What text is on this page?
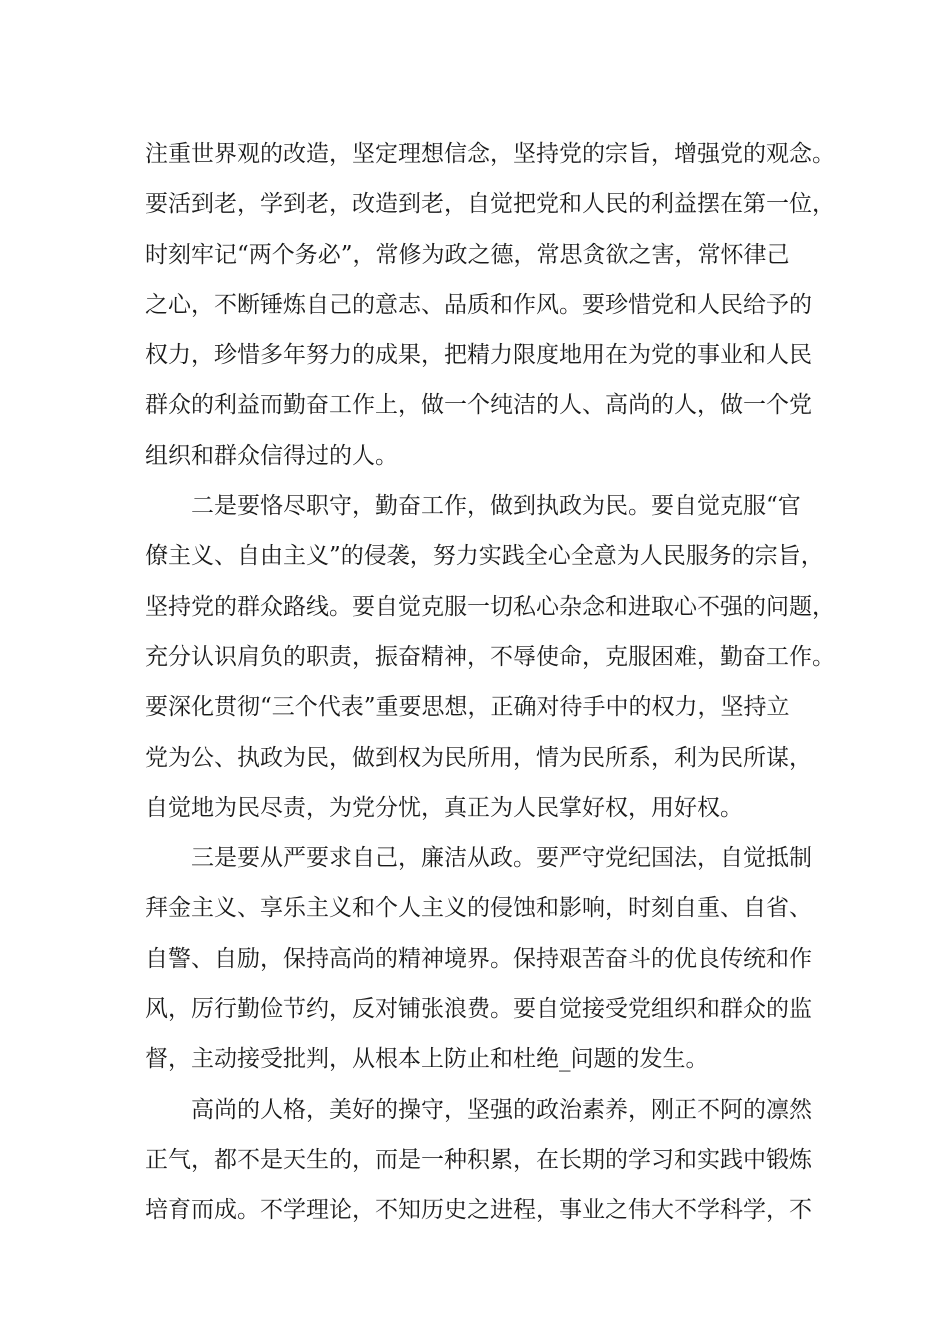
注重世界观的改造，坚定理想信念，坚持党的宗旨，增强党的观念。
要活到老，学到老，改造到老，自觉把党和人民的利益摆在第一位，
时刻牢记“两个务必”，常修为政之德，常思贪欲之害，常怀律己
之心，不断锤炼自己的意志、品质和作风。要珍惜党和人民给予的
权力，珍惜多年努力的成果，把精力限度地用在为党的事业和人民
群众的利益而勤奋工作上，做一个纯洁的人、高尚的人，做一个党
组织和群众信得过的人。
二是要恪尽职守，勤奋工作，做到执政为民。要自觉克服“官
僚主义、自由主义”的侵袭，努力实践全心全意为人民服务的宗旨，
坚持党的群众路线。要自觉克服一切私心杂念和进取心不强的问题，
充分认识肩负的职责，振奋精神，不辱使命，克服困难，勤奋工作。
要深化贯彻“三个代表”重要思想，正确对待手中的权力，坚持立
党为公、执政为民，做到权为民所用，情为民所系，利为民所谋，
自觉地为民尽责，为党分忧，真正为人民掌好权，用好权。
三是要从严要求自己，廉洁从政。要严守党纪国法，自觉抵制
拜金主义、享乐主义和个人主义的侵蚀和影响，时刻自重、自省、
自警、自励，保持高尚的精神境界。保持艰苦奋斗的优良传统和作
风，厉行勤俭节约，反对铺张浪费。要自觉接受党组织和群众的监
督，主动接受批判，从根本上防止和杜绝_问题的发生。
高尚的人格，美好的操守，坚强的政治素养，刚正不阿的凛然
正气，都不是天生的，而是一种积累，在长期的学习和实践中锻炼
培育而成。不学理论，不知历史之进程，事业之伟大不学科学，不
